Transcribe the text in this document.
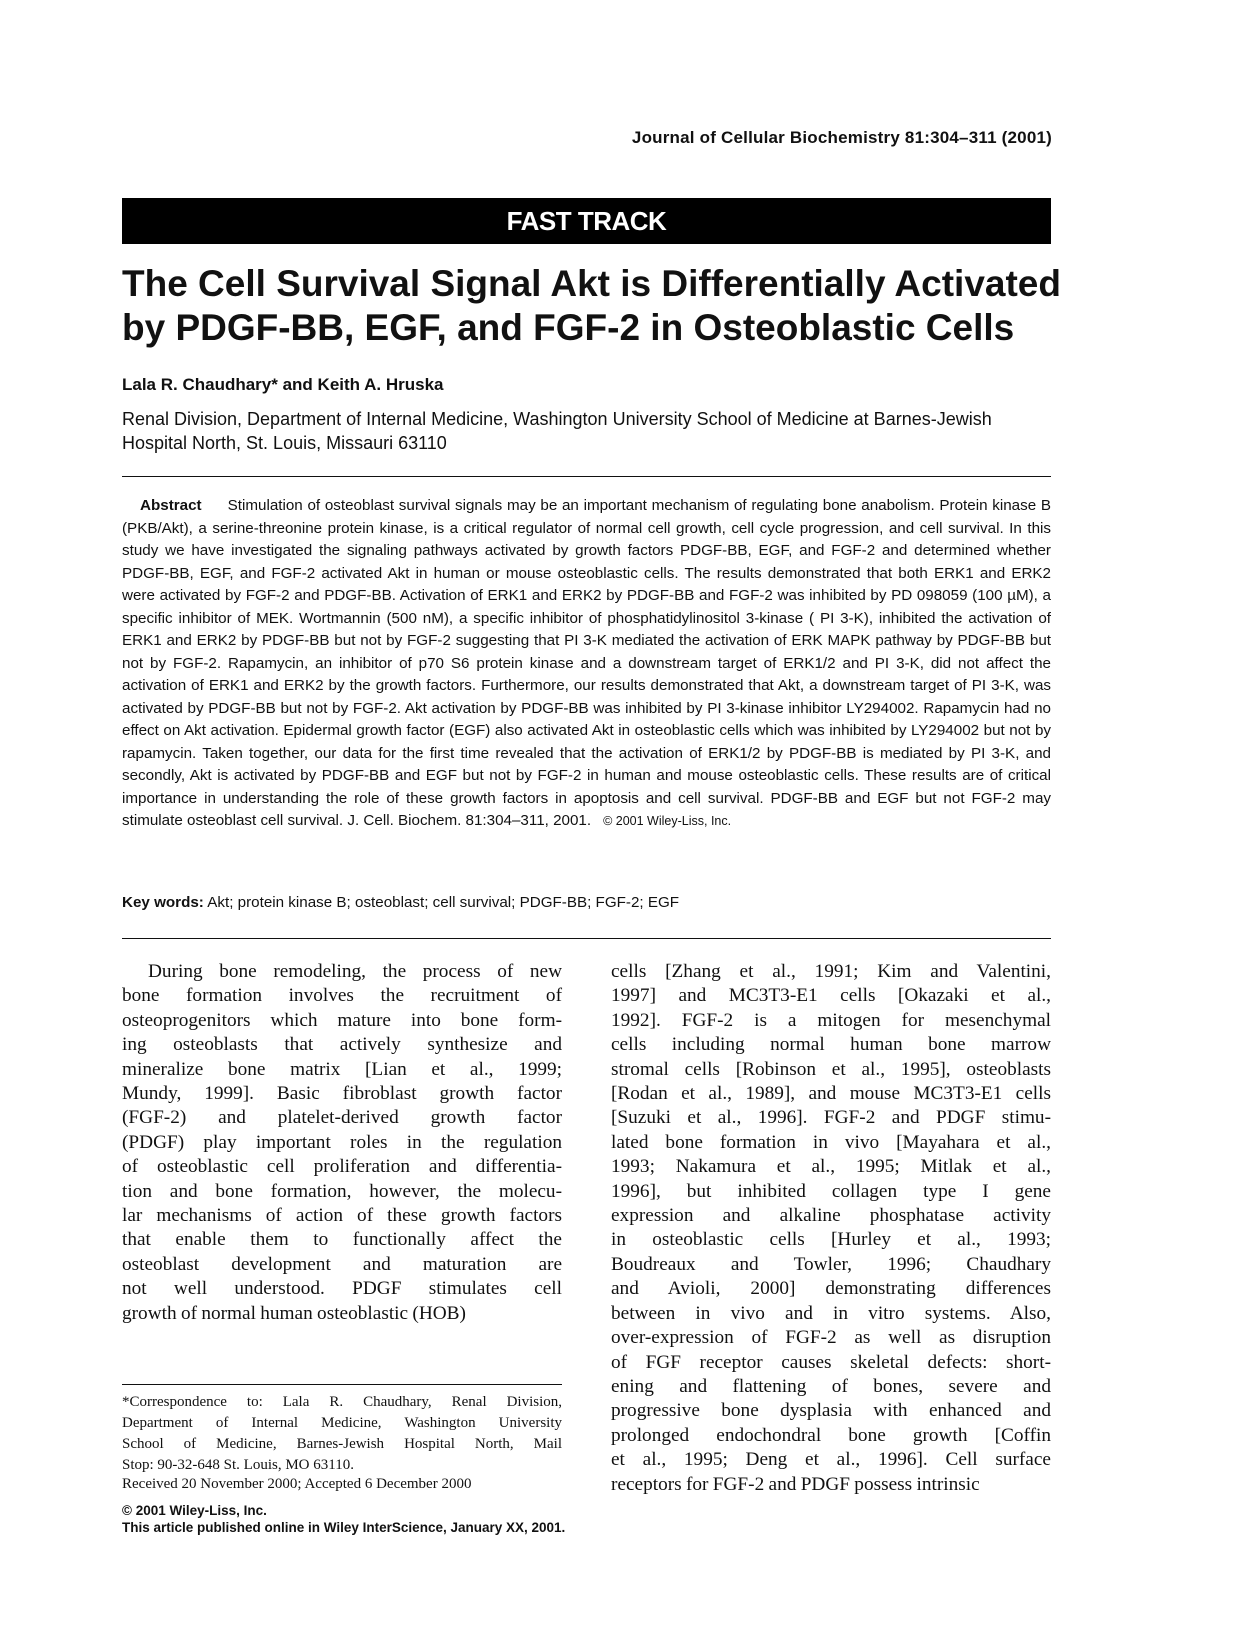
Journal of Cellular Biochemistry 81:304–311 (2001)
FAST TRACK
The Cell Survival Signal Akt is Differentially Activated
by PDGF-BB, EGF, and FGF-2 in Osteoblastic Cells
Lala R. Chaudhary* and Keith A. Hruska
Renal Division, Department of Internal Medicine, Washington University School of Medicine at Barnes-Jewish Hospital North, St. Louis, Missauri 63110
Abstract Stimulation of osteoblast survival signals may be an important mechanism of regulating bone anabolism. Protein kinase B (PKB/Akt), a serine-threonine protein kinase, is a critical regulator of normal cell growth, cell cycle progression, and cell survival. In this study we have investigated the signaling pathways activated by growth factors PDGF-BB, EGF, and FGF-2 and determined whether PDGF-BB, EGF, and FGF-2 activated Akt in human or mouse osteoblastic cells. The results demonstrated that both ERK1 and ERK2 were activated by FGF-2 and PDGF-BB. Activation of ERK1 and ERK2 by PDGF-BB and FGF-2 was inhibited by PD 098059 (100 µM), a specific inhibitor of MEK. Wortmannin (500 nM), a specific inhibitor of phosphatidylinositol 3-kinase ( PI 3-K), inhibited the activation of ERK1 and ERK2 by PDGF-BB but not by FGF-2 suggesting that PI 3-K mediated the activation of ERK MAPK pathway by PDGF-BB but not by FGF-2. Rapamycin, an inhibitor of p70 S6 protein kinase and a downstream target of ERK1/2 and PI 3-K, did not affect the activation of ERK1 and ERK2 by the growth factors. Furthermore, our results demonstrated that Akt, a downstream target of PI 3-K, was activated by PDGF-BB but not by FGF-2. Akt activation by PDGF-BB was inhibited by PI 3-kinase inhibitor LY294002. Rapamycin had no effect on Akt activation. Epidermal growth factor (EGF) also activated Akt in osteoblastic cells which was inhibited by LY294002 but not by rapamycin. Taken together, our data for the first time revealed that the activation of ERK1/2 by PDGF-BB is mediated by PI 3-K, and secondly, Akt is activated by PDGF-BB and EGF but not by FGF-2 in human and mouse osteoblastic cells. These results are of critical importance in understanding the role of these growth factors in apoptosis and cell survival. PDGF-BB and EGF but not FGF-2 may stimulate osteoblast cell survival. J. Cell. Biochem. 81:304–311, 2001. © 2001 Wiley-Liss, Inc.
Key words: Akt; protein kinase B; osteoblast; cell survival; PDGF-BB; FGF-2; EGF
During bone remodeling, the process of new
bone formation involves the recruitment of
osteoprogenitors which mature into bone form-
ing osteoblasts that actively synthesize and
mineralize bone matrix [Lian et al., 1999;
Mundy, 1999]. Basic fibroblast growth factor
(FGF-2) and platelet-derived growth factor
(PDGF) play important roles in the regulation
of osteoblastic cell proliferation and differentia-
tion and bone formation, however, the molecu-
lar mechanisms of action of these growth factors
that enable them to functionally affect the
osteoblast development and maturation are
not well understood. PDGF stimulates cell
growth of normal human osteoblastic (HOB)
cells [Zhang et al., 1991; Kim and Valentini,
1997] and MC3T3-E1 cells [Okazaki et al.,
1992]. FGF-2 is a mitogen for mesenchymal
cells including normal human bone marrow
stromal cells [Robinson et al., 1995], osteoblasts
[Rodan et al., 1989], and mouse MC3T3-E1 cells
[Suzuki et al., 1996]. FGF-2 and PDGF stimu-
lated bone formation in vivo [Mayahara et al.,
1993; Nakamura et al., 1995; Mitlak et al.,
1996], but inhibited collagen type I gene
expression and alkaline phosphatase activity
in osteoblastic cells [Hurley et al., 1993;
Boudreaux and Towler, 1996; Chaudhary
and Avioli, 2000] demonstrating differences
between in vivo and in vitro systems. Also,
over-expression of FGF-2 as well as disruption
of FGF receptor causes skeletal defects: short-
ening and flattening of bones, severe and
progressive bone dysplasia with enhanced and
prolonged endochondral bone growth [Coffin
et al., 1995; Deng et al., 1996]. Cell surface
receptors for FGF-2 and PDGF possess intrinsic
*Correspondence to: Lala R. Chaudhary, Renal Division,
Department of Internal Medicine, Washington University
School of Medicine, Barnes-Jewish Hospital North, Mail
Stop: 90-32-648 St. Louis, MO 63110.
Received 20 November 2000; Accepted 6 December 2000
© 2001 Wiley-Liss, Inc.
This article published online in Wiley InterScience, January XX, 2001.
